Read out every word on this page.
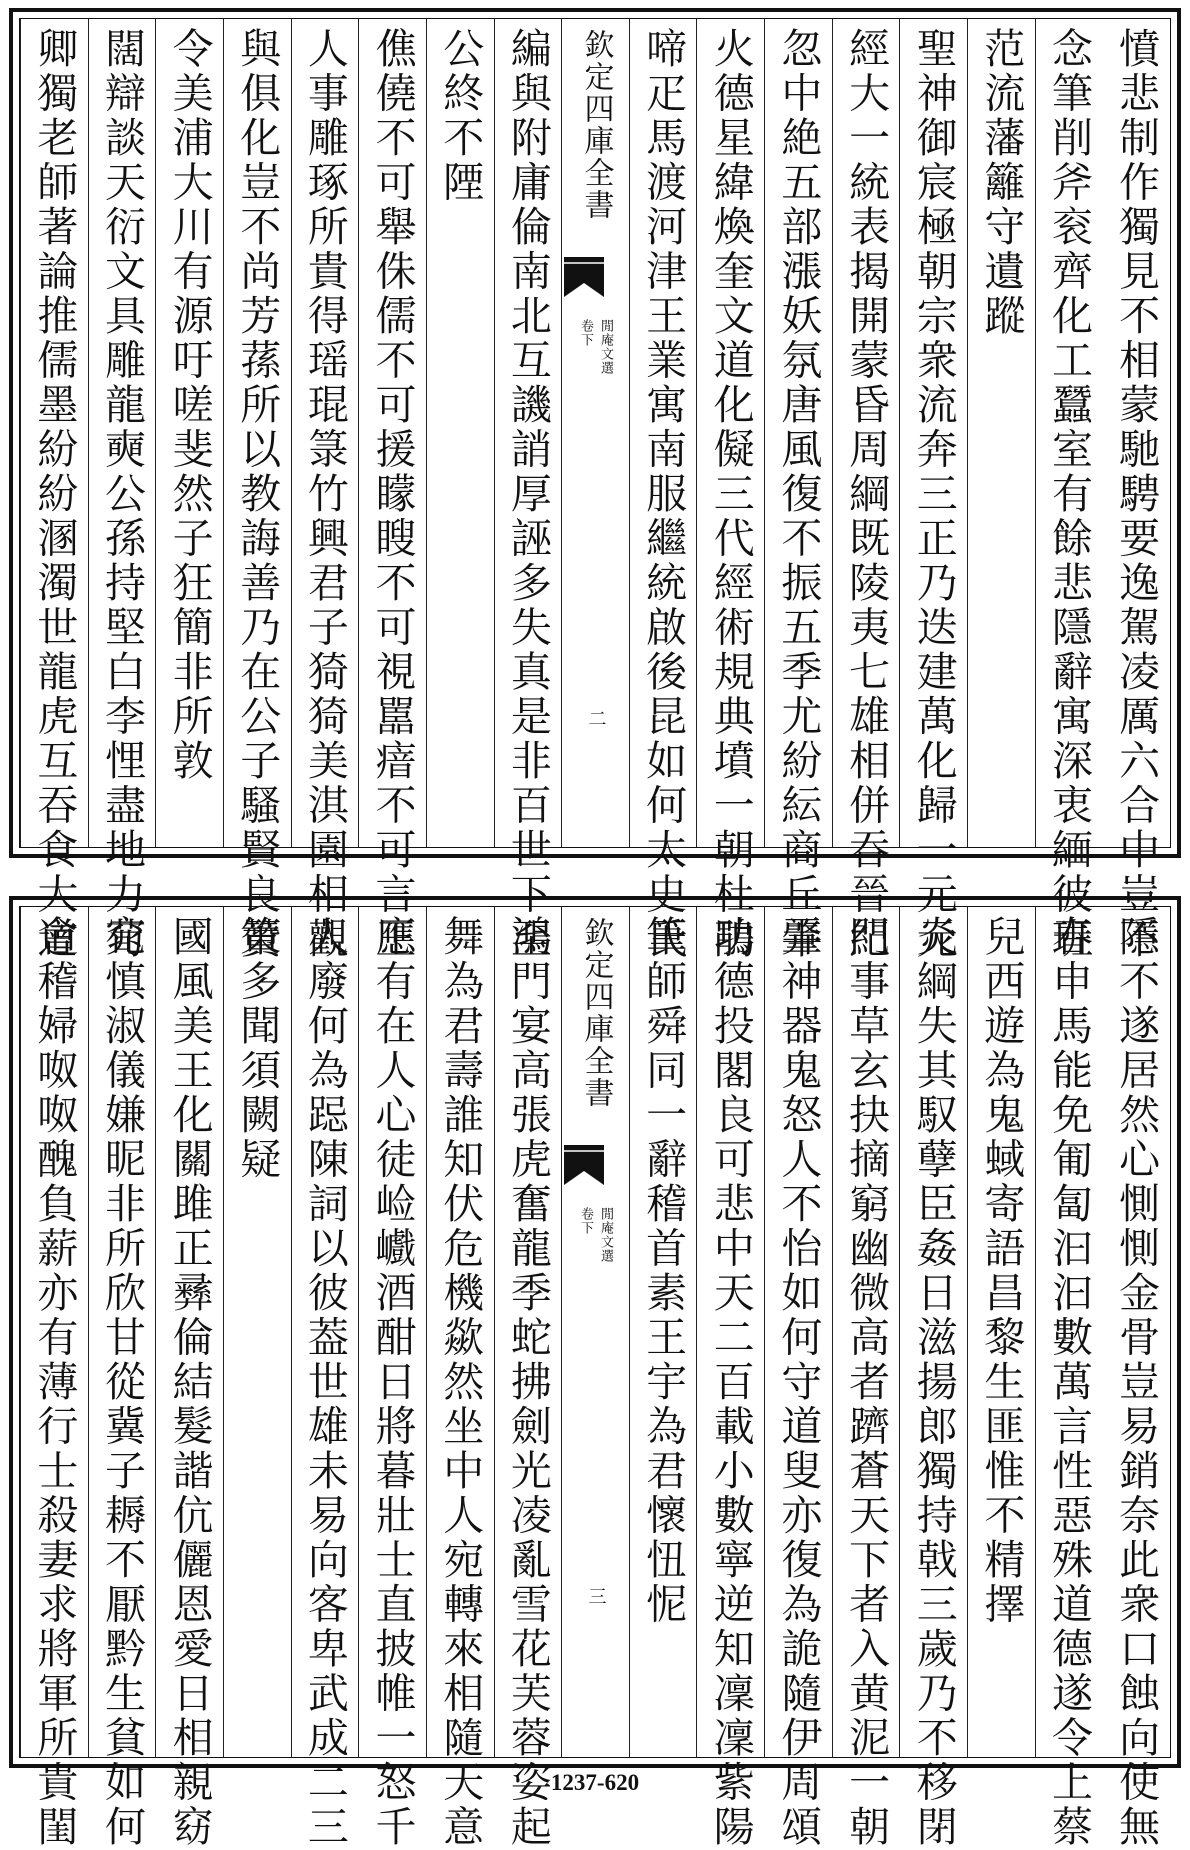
憤悲制作獨見不相蒙馳騁要逸駕凌厲六合中豈不
念筆削斧衮齊化工蠶室有餘悲隱辭寓深衷緬彼班
范流藩籬守遺蹤
聖神御宸極朝宗衆流奔三正乃迭建萬化歸一元元
經大一統表揭開蒙昏周綱既陵夷七雄相併吞晉紀
忽中絶五部漲妖氛唐風復不振五季尤紛紜商丘肇
火德星緯煥奎文道化儗三代經術規典墳一朝杜鵑
啼疋馬渡河津王業寓南服繼統啟後昆如何太史氏
欽定四庫全書
閒庵文選
卷下
二
編與附庸倫南北互譏誚厚誣多失真是非百世下至
公終不陻
僬僥不可舉侏儒不可援矇瞍不可視嚚瘖不可言王
人事雕琢所貴得瑶琨箓竹興君子猗猗美淇園相觀
與俱化豈不尚芳蓀所以教誨善乃在公子騷賢良贊
令美浦大川有源吁嗟斐然子狂簡非所敦
闊辯談天衍文具雕龍奭公孫持堅白李悝盡地力荀
卿獨老師著論推儒墨紛紛溷濁世龍虎互吞食大道
隱不遂居然心惻惻金骨豈易銷奈此衆口蝕向使無
春申馬能免匍匐汩汩數萬言性惡殊道德遂令上蔡
兒西遊為鬼蜮寄語昌黎生匪惟不精擇
炎綱失其馭孽臣姦日滋揚郎獨持戟三歲乃不移閉
門事草玄抉摘窮幽微高者躋蒼天下者入黄泥一朝
弄神器鬼怒人不怡如何守道叟亦復為詭隨伊周頌
功德投閣良可悲中天二百載小數寧逆知凜凜紫陽
筆師舜同一辭稽首素王宇為君懷忸怩
欽定四庫全書
閒庵文選
卷下
三
鴻門宴高張虎奮龍季蛇拂劍光凌亂雪花芙蓉姿起
舞為君壽誰知伏危機歘然坐中人宛轉來相隨天意
應有在人心徒崄巇酒酣日將暮壯士直披帷一怒千
人廢何為跽陳詞以彼葢世雄未易向客卑武成二三
策多聞須闕疑
國風美王化關雎正彞倫結髮諧伉儷恩愛日相親窈
窕慎淑儀嫌昵非所欣甘從冀子耨不厭黔生貧如何
會稽婦呶呶醜負薪亦有薄行士殺妻求將軍所貴閨	1237-620
